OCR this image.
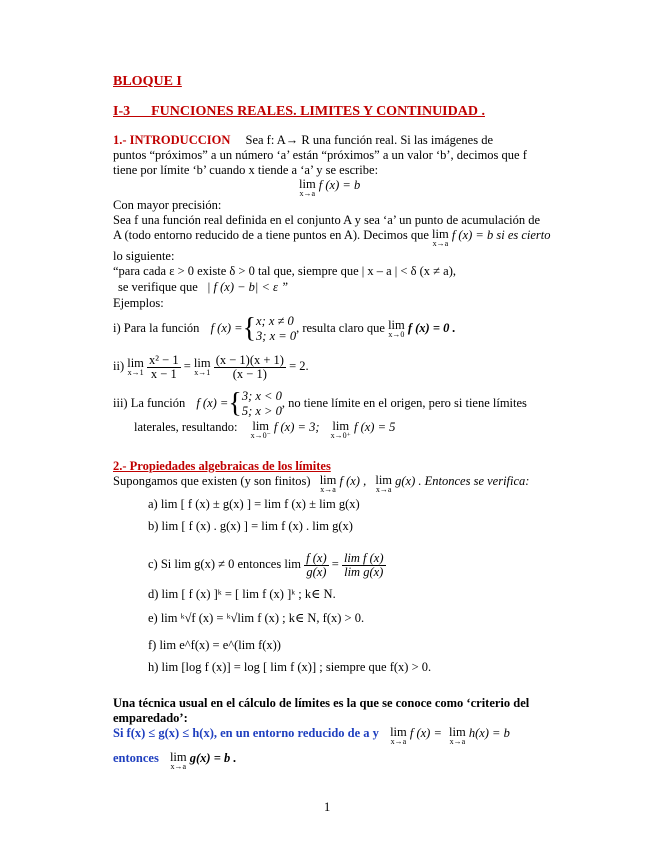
BLOQUE I
I-3      FUNCIONES REALES. LIMITES Y CONTINUIDAD .
1.- INTRODUCCION Sea f: A→ R una función real. Si las imágenes de
puntos “próximos” a un número ‘a’ están “próximos” a un valor ‘b’, decimos que f
tiene por límite ‘b’ cuando x tiende a ‘a’ y se escribe:
lim
x→a
f (x) = b
Con mayor precisión:
Sea f una función real definida en el conjunto A y sea ‘a’ un punto de acumulación de
A (todo entorno reducido de a tiene puntos en A). Decimos que lim
x→a
f (x) = b si es cierto
lo siguiente:
“para cada ε > 0 existe δ > 0 tal que, siempre que | x – a | < δ (x ≠ a),
se verifique que | f (x) − b| < ε ”
Ejemplos:
i) Para la función f (x) ={ x; x ≠ 0
3; x = 0
, resulta claro que lim
x→0 f (x) = 0 .
ii) lim
x→1
$\frac{\text{x² − 1}}{x - 1} = \lim$
x→1
$\frac{(x - 1)(x + 1)}{(x - 1)} = 2$.
iii) La función f (x) ={ 3; x < 0
5; x > 0
, no tiene límite en el origen, pero si tiene límites
laterales, resultando: lim
x→0⁻
f (x) = 3; lim
x→0⁺
f (x) = 5
2.- Propiedades algebraicas de los límites
Supongamos que existen (y son finitos) lim
x→a
f (x) , lim
x→a
g(x) . Entonces se verifica:
a) lim [ f (x) ± g(x) ] = lim f (x) ± lim g(x)
b) lim [ f (x) . g(x) ] = lim f (x) . lim g(x)
c) Si lim g(x) ≠ 0 entonces $\lim \frac{f (x)}{g(x)} = \frac{\text{lim f (x)}}{\text{lim g(x)}}$
d) lim [ f (x) ]ᵏ = [ lim f (x) ]ᵏ ; k∈ N.
e) lim ᵏ√f (x) = ᵏ√lim f (x) ; k∈ N, f(x) > 0.
f) lim e^f(x) = e^(lim f(x))
h) lim [log f (x)] = log [ lim f (x)] ; siempre que f(x) > 0.
Una técnica usual en el cálculo de límites es la que se conoce como ‘criterio del
emparedado’:
Si f(x) ≤ g(x) ≤ h(x), en un entorno reducido de a y lim
x→a
f (x) = lim
x→a
h(x) = b
entonces lim
x→a
g(x) = b .
1
